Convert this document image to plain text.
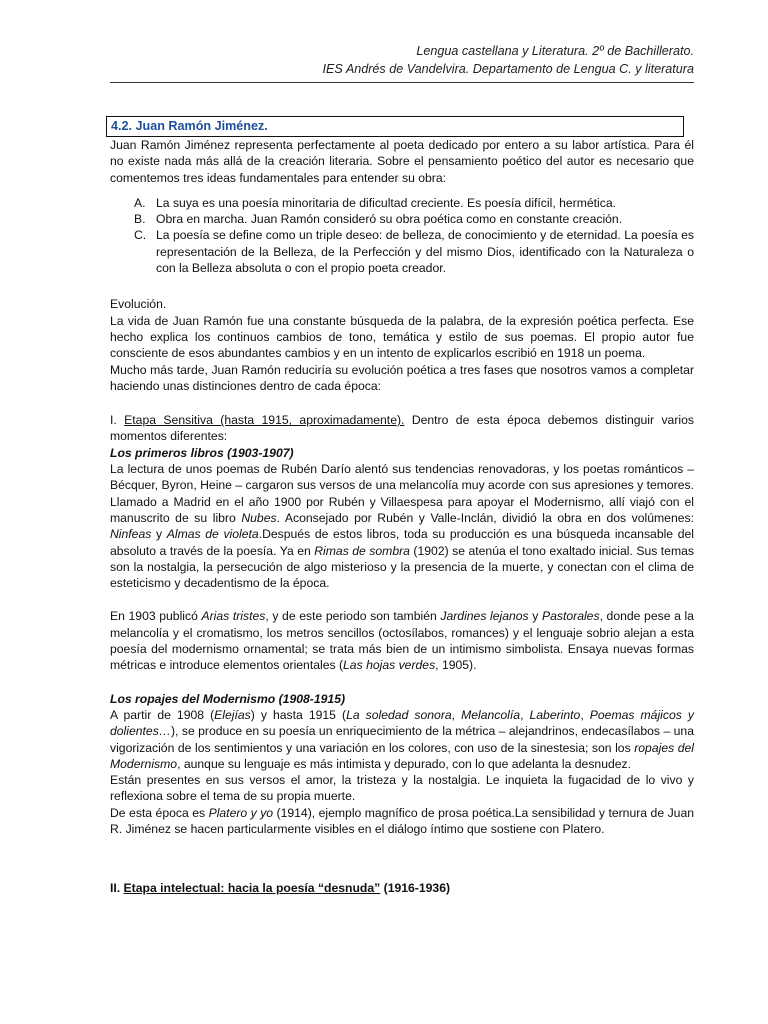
Lengua castellana y Literatura. 2º de Bachillerato.
IES Andrés de Vandelvira. Departamento de Lengua C. y literatura
4.2. Juan Ramón Jiménez.

Juan Ramón Jiménez representa perfectamente al poeta dedicado por entero a su labor artística. Para él no existe nada más allá de la creación literaria. Sobre el pensamiento poético del autor es necesario que comentemos tres ideas fundamentales para entender su obra:

A. La suya es una poesía minoritaria de dificultad creciente. Es poesía difícil, hermética.
B. Obra en marcha. Juan Ramón consideró su obra poética como en constante creación.
C. La poesía se define como un triple deseo: de belleza, de conocimiento y de eternidad. La poesía es representación de la Belleza, de la Perfección y del mismo Dios, identificado con la Naturaleza o con la Belleza absoluta o con el propio poeta creador.

Evolución.

La vida de Juan Ramón fue una constante búsqueda de la palabra, de la expresión poética perfecta. Ese hecho explica los continuos cambios de tono, temática y estilo de sus poemas. El propio autor fue consciente de esos abundantes cambios y en un intento de explicarlos escribió en 1918 un poema.

Mucho más tarde, Juan Ramón reduciría su evolución poética a tres fases que nosotros vamos a completar haciendo unas distinciones dentro de cada época:

I. Etapa Sensitiva (hasta 1915, aproximadamente). Dentro de esta época debemos distinguir varios momentos diferentes:

Los primeros libros (1903-1907)

La lectura de unos poemas de Rubén Darío alentó sus tendencias renovadoras, y los poetas románticos – Bécquer, Byron, Heine – cargaron sus versos de una melancolía muy acorde con sus apresiones y temores. Llamado a Madrid en el año 1900 por Rubén y Villaespesa para apoyar el Modernismo, allí viajó con el manuscrito de su libro Nubes. Aconsejado por Rubén y Valle-Inclán, dividió la obra en dos volúmenes: Ninfeas y Almas de violeta.Después de estos libros, toda su producción es una búsqueda incansable del absoluto a través de la poesía. Ya en Rimas de sombra (1902) se atenúa el tono exaltado inicial. Sus temas son la nostalgia, la persecución de algo misterioso y la presencia de la muerte, y conectan con el clima de esteticismo y decadentismo de la época.

En 1903 publicó Arias tristes, y de este periodo son también Jardines lejanos y Pastorales, donde pese a la melancolía y el cromatismo, los metros sencillos (octosílabos, romances) y el lenguaje sobrio alejan a esta poesía del modernismo ornamental; se trata más bien de un intimismo simbolista. Ensaya nuevas formas métricas e introduce elementos orientales (Las hojas verdes, 1905).

Los ropajes del Modernismo (1908-1915)

A partir de 1908 (Elejías) y hasta 1915 (La soledad sonora, Melancolía, Laberinto, Poemas májicos y dolientes…), se produce en su poesía un enriquecimiento de la métrica – alejandrinos, endecasílabos – una vigorización de los sentimientos y una variación en los colores, con uso de la sinestesia; son los ropajes del Modernismo, aunque su lenguaje es más intimista y depurado, con lo que adelanta la desnudez.

Están presentes en sus versos el amor, la tristeza y la nostalgia. Le inquieta la fugacidad de lo vivo y reflexiona sobre el tema de su propia muerte.

De esta época es Platero y yo (1914), ejemplo magnífico de prosa poética.La sensibilidad y ternura de Juan R. Jiménez se hacen particularmente visibles en el diálogo íntimo que sostiene con Platero.

II. Etapa intelectual: hacia la poesía “desnuda” (1916-1936)
